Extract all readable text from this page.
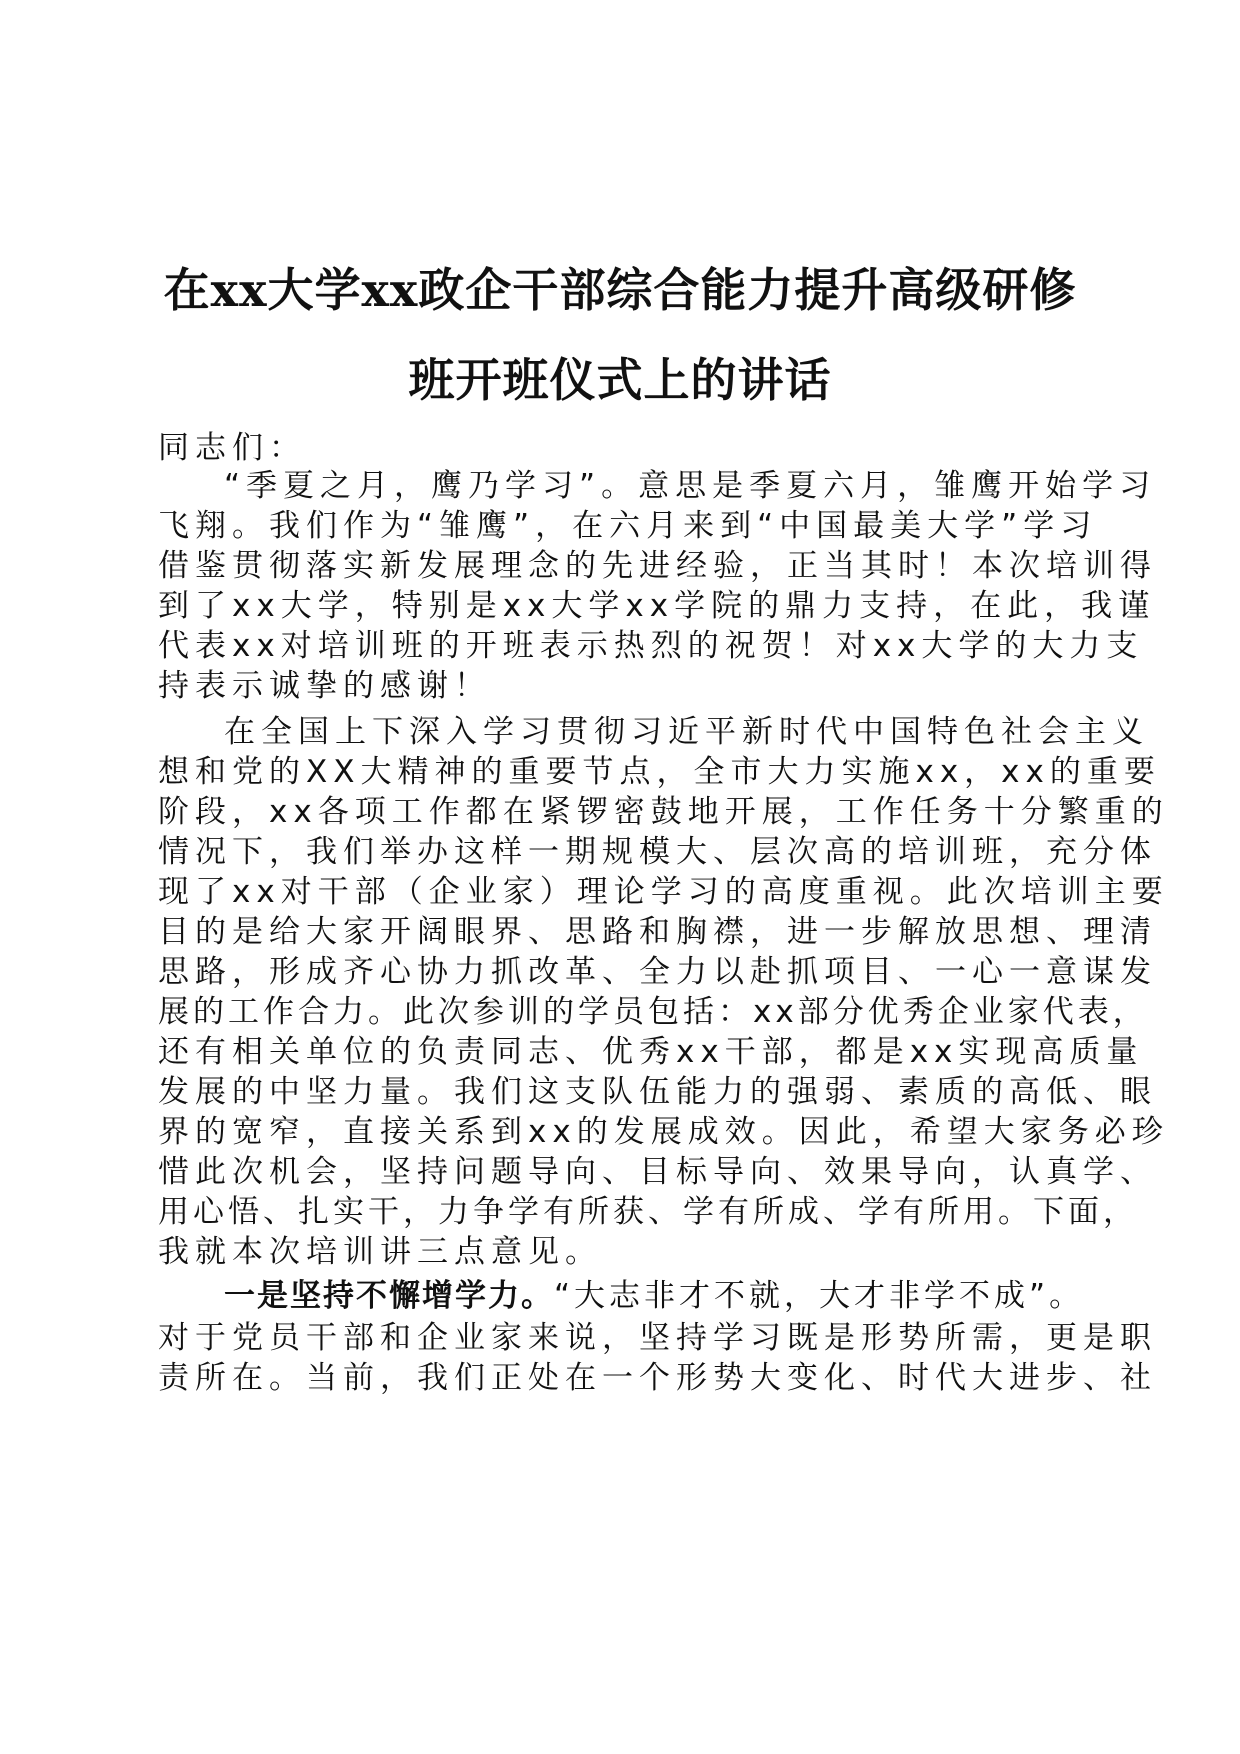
在xx大学xx政企干部综合能力提升高级研修
班开班仪式上的讲话
同志们：
“季夏之月，鹰乃学习”。意思是季夏六月，雏鹰开始学习
飞翔。我们作为“雏鹰”，在六月来到“中国最美大学”学习
借鉴贯彻落实新发展理念的先进经验，正当其时！本次培训得
到了xx大学，特别是xx大学xx学院的鼎力支持，在此，我谨
代表xx对培训班的开班表示热烈的祝贺！对xx大学的大力支
持表示诚挚的感谢！
在全国上下深入学习贯彻习近平新时代中国特色社会主义
想和党的XX大精神的重要节点，全市大力实施xx，xx的重要
阶段，xx各项工作都在紧锣密鼓地开展，工作任务十分繁重的
情况下，我们举办这样一期规模大、层次高的培训班，充分体
现了xx对干部（企业家）理论学习的高度重视。此次培训主要
目的是给大家开阔眼界、思路和胸襟，进一步解放思想、理清
思路，形成齐心协力抓改革、全力以赴抓项目、一心一意谋发
展的工作合力。此次参训的学员包括：xx部分优秀企业家代表，
还有相关单位的负责同志、优秀xx干部，都是xx实现高质量
发展的中坚力量。我们这支队伍能力的强弱、素质的高低、眼
界的宽窄，直接关系到xx的发展成效。因此，希望大家务必珍
惜此次机会，坚持问题导向、目标导向、效果导向，认真学、
用心悟、扎实干，力争学有所获、学有所成、学有所用。下面，
我就本次培训讲三点意见。
一是坚持不懈增学力。“大志非才不就，大才非学不成”。
对于党员干部和企业家来说，坚持学习既是形势所需，更是职
责所在。当前，我们正处在一个形势大变化、时代大进步、社
